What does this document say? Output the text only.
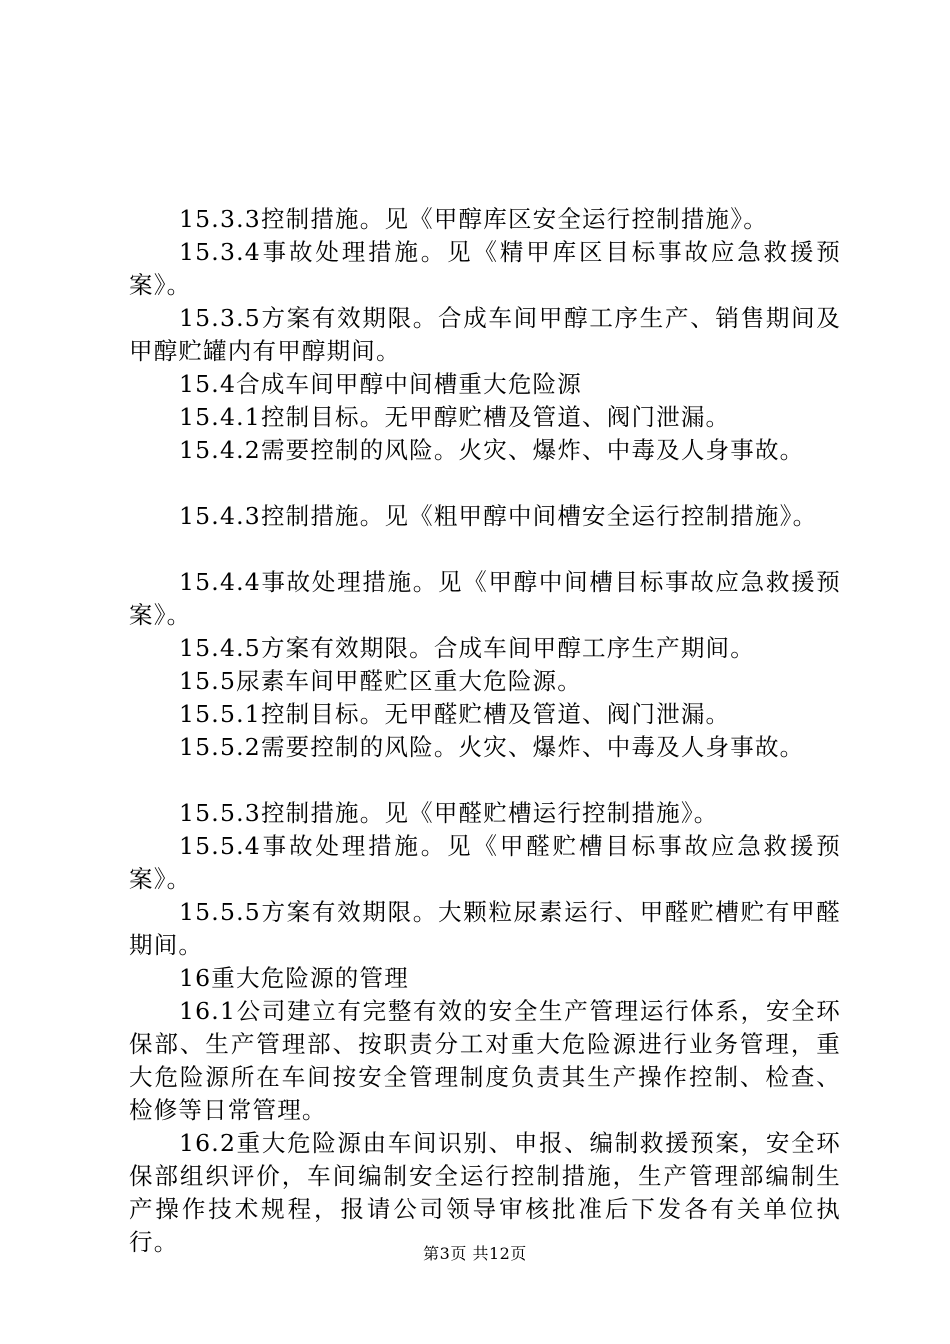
15.3.3控制措施。见《甲醇库区安全运行控制措施》。

15.3.4事故处理措施。见《精甲库区目标事故应急救援预案》。

15.3.5方案有效期限。合成车间甲醇工序生产、销售期间及甲醇贮罐内有甲醇期间。

15.4合成车间甲醇中间槽重大危险源

15.4.1控制目标。无甲醇贮槽及管道、阀门泄漏。

15.4.2需要控制的风险。火灾、爆炸、中毒及人身事故。

15.4.3控制措施。见《粗甲醇中间槽安全运行控制措施》。

15.4.4事故处理措施。见《甲醇中间槽目标事故应急救援预案》。

15.4.5方案有效期限。合成车间甲醇工序生产期间。

15.5尿素车间甲醛贮区重大危险源。

15.5.1控制目标。无甲醛贮槽及管道、阀门泄漏。

15.5.2需要控制的风险。火灾、爆炸、中毒及人身事故。

15.5.3控制措施。见《甲醛贮槽运行控制措施》。

15.5.4事故处理措施。见《甲醛贮槽目标事故应急救援预案》。

15.5.5方案有效期限。大颗粒尿素运行、甲醛贮槽贮有甲醛期间。

16重大危险源的管理

16.1公司建立有完整有效的安全生产管理运行体系，安全环保部、生产管理部、按职责分工对重大危险源进行业务管理，重大危险源所在车间按安全管理制度负责其生产操作控制、检查、检修等日常管理。

16.2重大危险源由车间识别、申报、编制救援预案，安全环保部组织评价，车间编制安全运行控制措施，生产管理部编制生产操作技术规程，报请公司领导审核批准后下发各有关单位执行。	第3页 共12页
